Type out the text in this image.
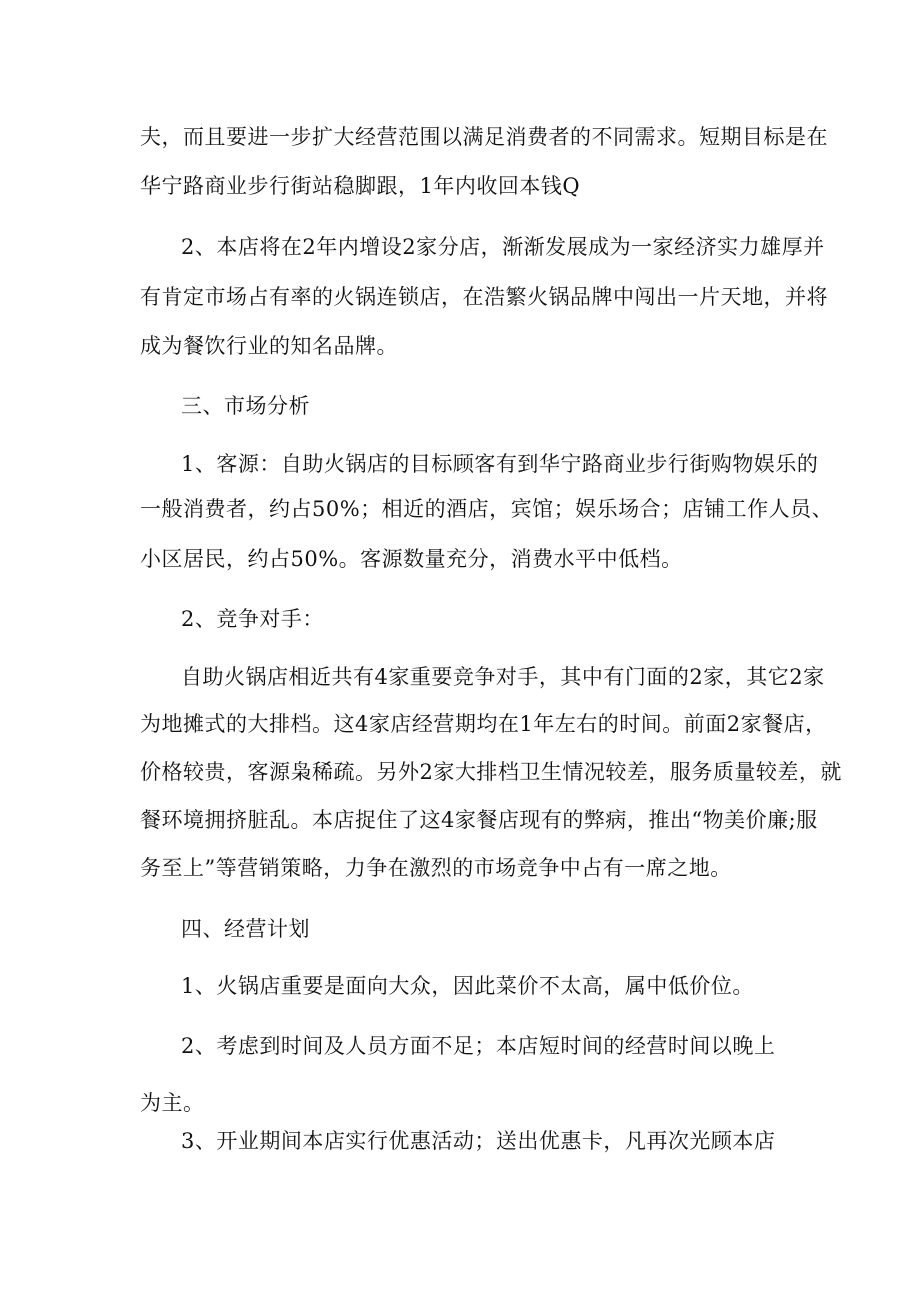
夫，而且要进一步扩大经营范围以满足消费者的不同需求。短期目标是在
华宁路商业步行街站稳脚跟，1年内收回本钱Q
2、本店将在2年内增设2家分店，渐渐发展成为一家经济实力雄厚并
有肯定市场占有率的火锅连锁店，在浩繁火锅品牌中闯出一片天地，并将
成为餐饮行业的知名品牌。
三、市场分析
1、客源：自助火锅店的目标顾客有到华宁路商业步行街购物娱乐的
一般消费者，约占50%；相近的酒店，宾馆；娱乐场合；店铺工作人员、
小区居民，约占50%。客源数量充分，消费水平中低档。
2、竞争对手：
自助火锅店相近共有4家重要竞争对手，其中有门面的2家，其它2家
为地摊式的大排档。这4家店经营期均在1年左右的时间。前面2家餐店，
价格较贵，客源枭稀疏。另外2家大排档卫生情况较差，服务质量较差，就
餐环境拥挤脏乱。本店捉住了这4家餐店现有的弊病，推出“物美价廉;服
务至上”等营销策略，力争在激烈的市场竞争中占有一席之地。
四、经营计划
1、火锅店重要是面向大众，因此菜价不太高，属中低价位。
2、考虑到时间及人员方面不足；本店短时间的经营时间以晚上
为主。
3、开业期间本店实行优惠活动；送出优惠卡，凡再次光顾本店
